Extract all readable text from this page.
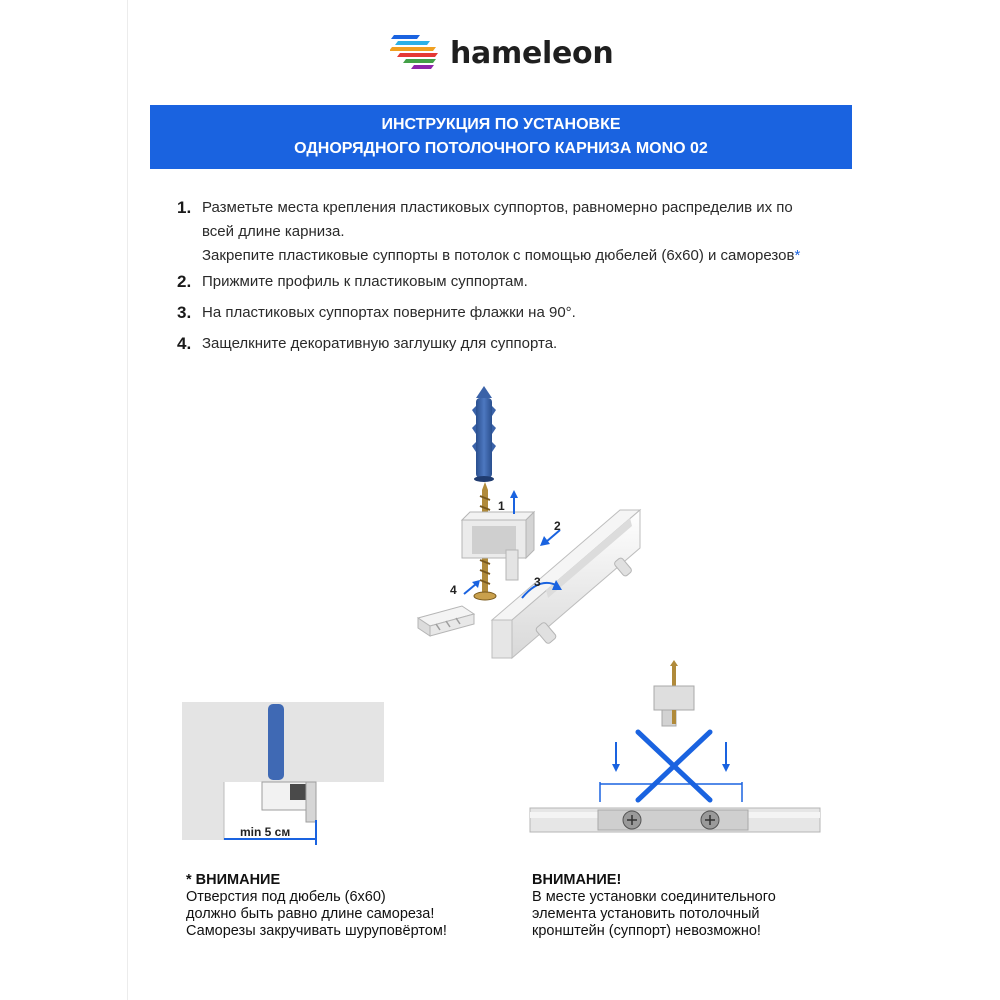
hameleon
ИНСТРУКЦИЯ ПО УСТАНОВКЕ
ОДНОРЯДНОГО ПОТОЛОЧНОГО КАРНИЗА MONO 02
1. Разметьте места крепления пластиковых суппортов, равномерно распределив их по

всей длине карниза.

Закрепите пластиковые суппорты в потолок с помощью дюбелей (6х60) и саморезов*

2. Прижмите профиль к пластиковым суппортам.

3. На пластиковых суппортах поверните флажки на 90°.

4. Защелкните декоративную заглушку для суппорта.

1
2
3
4
min 5 см
* ВНИМАНИЕ
Отверстия под дюбель (6х60)
должно быть равно длине самореза!
Саморезы закручивать шуруповёртом!
ВНИМАНИЕ!
В месте установки соединительного
элемента установить потолочный
кронштейн (суппорт) невозможно!
